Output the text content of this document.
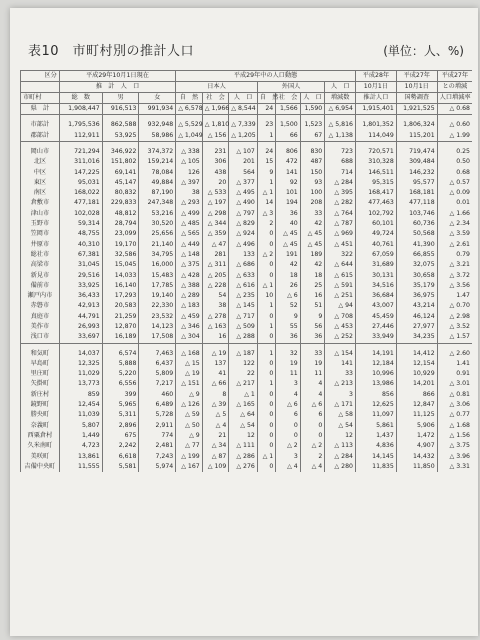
表10　市町村別の推計人口	(単位：人、%)
区分	平成29年10月1日現在			平成29年中の人口動態							平成28年	平成27年	平成27年
	推　計　人　口			日本人			外国人			人　口	10月1日	10月1日	との増減
市町村	総　数	男	女	自　然	社　会	人　口	自　然	社　会	人　口	増減数	推計人口	国勢調査	人口増減率
県　計	1,908,447	916,513	991,934	△ 6,578	△ 1,966	△ 8,544	24	1,566	1,590	△ 6,954	1,915,401	1,921,525	△ 0.68

市部計	1,795,536	862,588	932,948	△ 5,529	△ 1,810	△ 7,339	23	1,500	1,523	△ 5,816	1,801,352	1,806,324	△ 0.60
郡部計	112,911	53,925	58,986	△ 1,049	△ 156	△ 1,205	1	66	67	△ 1,138	114,049	115,201	△ 1.99

岡山市	721,294	346,922	374,372	△ 338	231	△ 107	24	806	830	723	720,571	719,474	0.25
北区	311,016	151,802	159,214	△ 105	306	201	15	472	487	688	310,328	309,484	0.50
中区	147,225	69,141	78,084	126	438	564	9	141	150	714	146,511	146,232	0.68
東区	95,031	45,147	49,884	△ 397	20	△ 377	1	92	93	△ 284	95,315	95,577	△ 0.57
南区	168,022	80,832	87,190	38	△ 533	△ 495	△ 1	101	100	△ 395	168,417	168,181	△ 0.09
倉敷市	477,181	229,833	247,348	△ 293	△ 197	△ 490	14	194	208	△ 282	477,463	477,118	0.01
津山市	102,028	48,812	53,216	△ 499	△ 298	△ 797	△ 3	36	33	△ 764	102,792	103,746	△ 1.66
玉野市	59,314	28,794	30,520	△ 485	△ 344	△ 829	2	40	42	△ 787	60,101	60,736	△ 2.34
笠岡市	48,755	23,099	25,656	△ 565	△ 359	△ 924	0	△ 45	△ 45	△ 969	49,724	50,568	△ 3.59
井原市	40,310	19,170	21,140	△ 449	△ 47	△ 496	0	△ 45	△ 45	△ 451	40,761	41,390	△ 2.61
総社市	67,381	32,586	34,795	△ 148	281	133	△ 2	191	189	322	67,059	66,855	0.79
高梁市	31,045	15,045	16,000	△ 375	△ 311	△ 686	0	42	42	△ 644	31,689	32,075	△ 3.21
新見市	29,516	14,033	15,483	△ 428	△ 205	△ 633	0	18	18	△ 615	30,131	30,658	△ 3.72
備前市	33,925	16,140	17,785	△ 388	△ 228	△ 616	△ 1	26	25	△ 591	34,516	35,179	△ 3.56
瀬戸内市	36,433	17,293	19,140	△ 289	54	△ 235	10	△ 6	16	△ 251	36,684	36,975	1.47
赤磐市	42,913	20,583	22,330	△ 183	38	△ 145	1	52	51	△ 94	43,007	43,214	△ 0.70
真庭市	44,791	21,259	23,532	△ 459	△ 278	△ 717	0	9	9	△ 708	45,459	46,124	△ 2.98
美作市	26,993	12,870	14,123	△ 346	△ 163	△ 509	1	55	56	△ 453	27,446	27,977	△ 3.52
浅口市	33,697	16,189	17,508	△ 304	16	△ 288	0	36	36	△ 252	33,949	34,235	△ 1.57

和気町	14,037	6,574	7,463	△ 168	△ 19	△ 187	1	32	33	△ 154	14,191	14,412	△ 2.60
早島町	12,325	5,888	6,437	△ 15	137	122	0	19	19	141	12,184	12,154	1.41
里庄町	11,029	5,220	5,809	△ 19	41	22	0	11	11	33	10,996	10,929	0.91
矢掛町	13,773	6,556	7,217	△ 151	△ 66	△ 217	1	3	4	△ 213	13,986	14,201	△ 3.01
新庄村	859	399	460	△ 9	8	△ 1	0	4	4	3	856	866	△ 0.81
鏡野町	12,454	5,965	6,489	△ 126	△ 39	△ 165	0	△ 6	△ 6	△ 171	12,625	12,847	△ 3.06
勝央町	11,039	5,311	5,728	△ 59	△ 5	△ 64	0	6	6	△ 58	11,097	11,125	△ 0.77
奈義町	5,807	2,896	2,911	△ 50	△ 4	△ 54	0	0	0	△ 54	5,861	5,906	△ 1.68
西粟倉村	1,449	675	774	△ 9	21	12	0	0	0	12	1,437	1,472	△ 1.56
久米南町	4,723	2,242	2,481	△ 77	△ 34	△ 111	0	△ 2	△ 2	△ 113	4,836	4,907	△ 3.75
美咲町	13,861	6,618	7,243	△ 199	△ 87	△ 286	△ 1	3	2	△ 284	14,145	14,432	△ 3.96
吉備中央町	11,555	5,581	5,974	△ 167	△ 109	△ 276	0	△ 4	△ 4	△ 280	11,835	11,850	△ 3.31
